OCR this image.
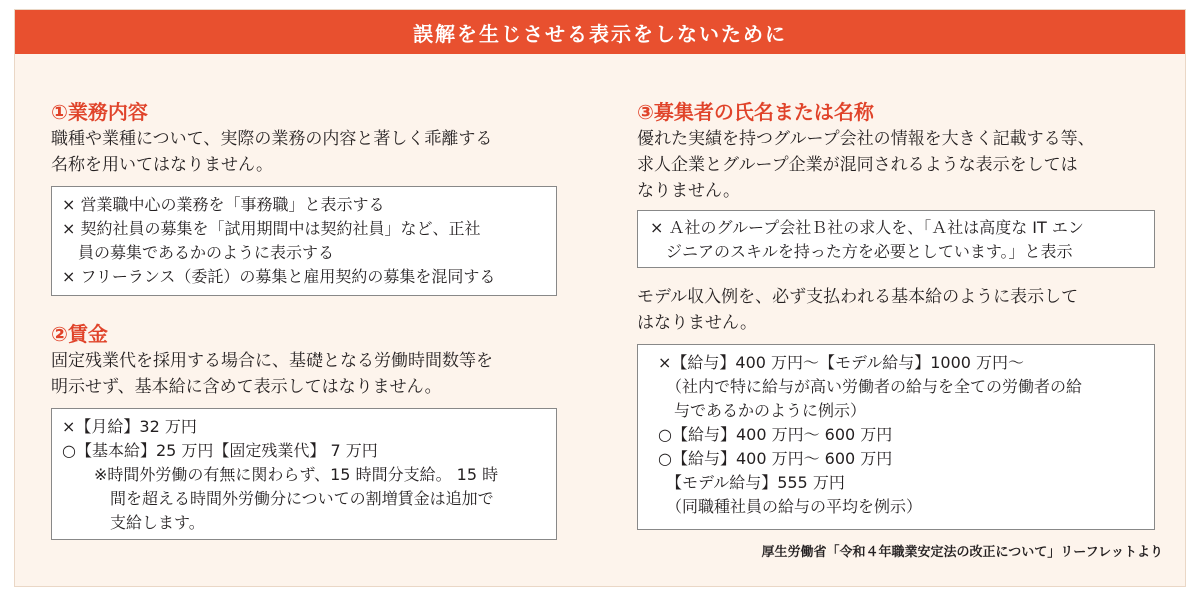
誤解を生じさせる表示をしないために
①業務内容
職種や業種について、実際の業務の内容と著しく乖離する
名称を用いてはなりません。
× 営業職中心の業務を「事務職」と表示する
× 契約社員の募集を「試用期間中は契約社員」など、正社
　員の募集であるかのように表示する
× フリーランス（委託）の募集と雇用契約の募集を混同する
②賃金
固定残業代を採用する場合に、基礎となる労働時間数等を
明示せず、基本給に含めて表示してはなりません。
×【月給】32 万円
○【基本給】25 万円【固定残業代】 7 万円
　　※時間外労働の有無に関わらず、15 時間分支給。 15 時
　　　間を超える時間外労働分についての割増賃金は追加で
　　　支給します。
③募集者の氏名または名称
優れた実績を持つグループ会社の情報を大きく記載する等、
求人企業とグループ企業が混同されるような表示をしては
なりません。
× Ａ社のグループ会社Ｂ社の求人を、「Ａ社は高度な IT エン
　ジニアのスキルを持った方を必要としています。」と表示
モデル収入例を、必ず支払われる基本給のように表示して
はなりません。
×【給与】400 万円〜【モデル給与】1000 万円〜
　（社内で特に給与が高い労働者の給与を全ての労働者の給
　与であるかのように例示）
○【給与】400 万円〜 600 万円
○【給与】400 万円〜 600 万円
　【モデル給与】555 万円
　（同職種社員の給与の平均を例示）
厚生労働省「令和４年職業安定法の改正について」リーフレットより
